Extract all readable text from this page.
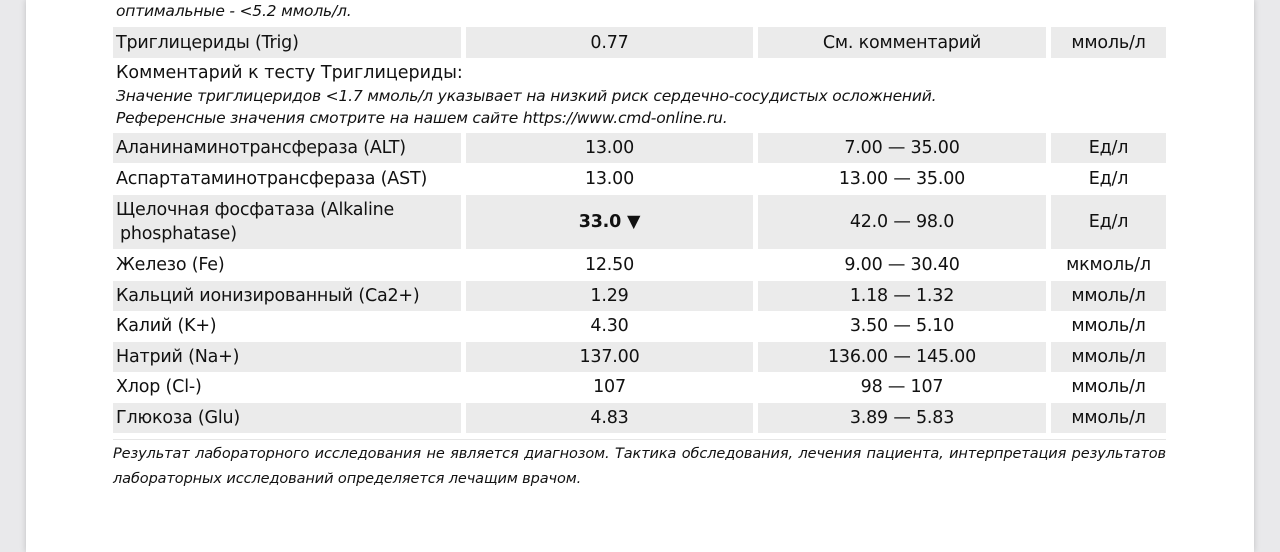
оптимальные - <5.2 ммоль/л.
Триглицериды (Trig)	0.77	См. комментарий	ммоль/л
Комментарий к тесту Триглицериды:
Значение триглицеридов <1.7 ммоль/л указывает на низкий риск сердечно-сосудистых осложнений.
Референсные значения смотрите на нашем сайте https://www.cmd-online.ru.
Аланинаминотрансфераза (ALT)	13.00	7.00 — 35.00	Ед/л
Аспартатаминотрансфераза (AST)	13.00	13.00 — 35.00	Ед/л
Щелочная фосфатаза (Alkaline
phosphatase)
33.0 ▼	42.0 — 98.0	Ед/л
Железо (Fe)	12.50	9.00 — 30.40	мкмоль/л
Кальций ионизированный (Ca2+)	1.29	1.18 — 1.32	ммоль/л
Калий (K+)	4.30	3.50 — 5.10	ммоль/л
Натрий (Na+)	137.00	136.00 — 145.00	ммоль/л
Хлор (Cl-)	107	98 — 107	ммоль/л
Глюкоза (Glu)	4.83	3.89 — 5.83	ммоль/л
Результат лабораторного исследования не является диагнозом. Тактика обследования, лечения пациента, интерпретация результатов лабораторных исследований определяется лечащим врачом.
